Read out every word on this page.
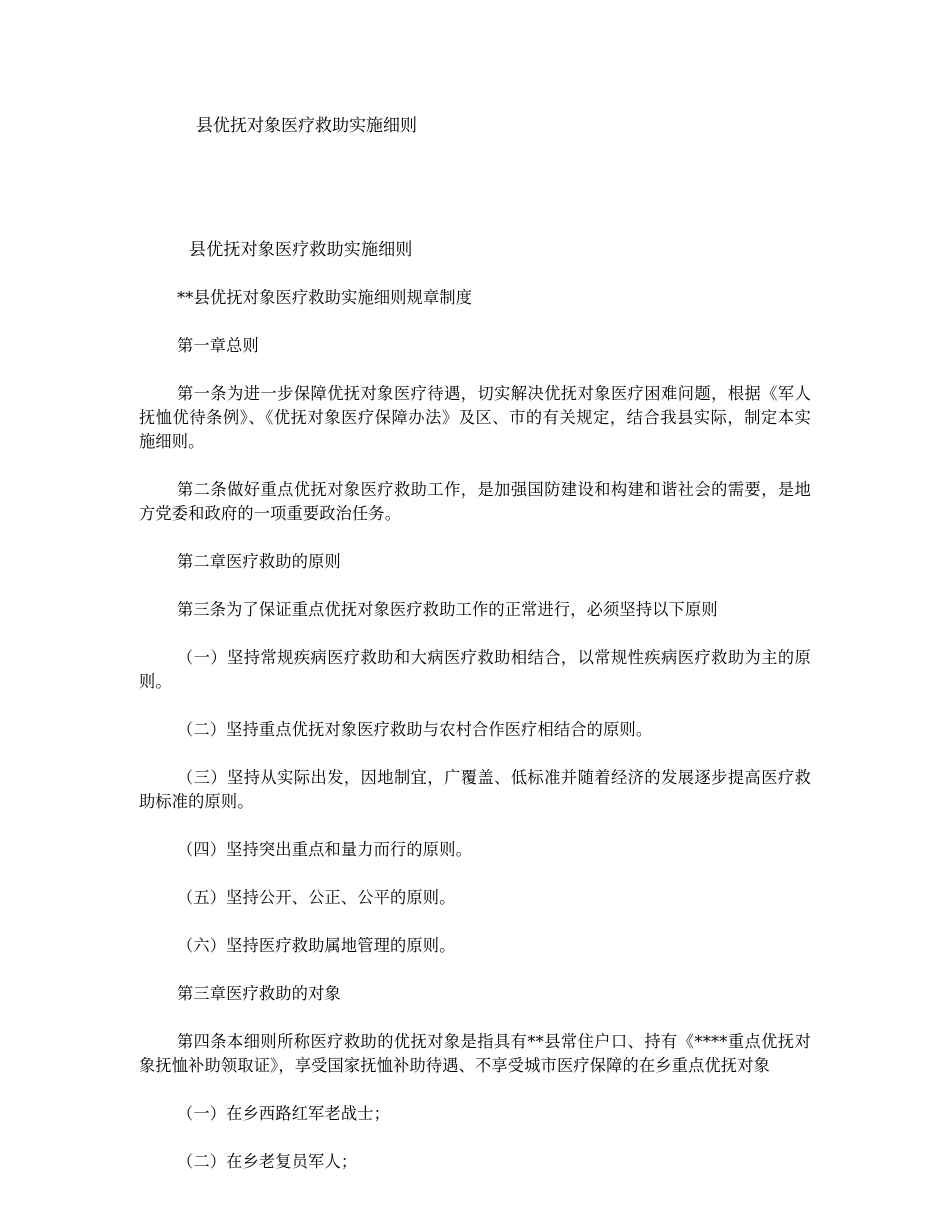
县优抚对象医疗救助实施细则

县优抚对象医疗救助实施细则

**县优抚对象医疗救助实施细则规章制度

第一章总则

第一条为进一步保障优抚对象医疗待遇，切实解决优抚对象医疗困难问题，根据《军人抚恤优待条例》、《优抚对象医疗保障办法》及区、市的有关规定，结合我县实际，制定本实施细则。

第二条做好重点优抚对象医疗救助工作，是加强国防建设和构建和谐社会的需要，是地方党委和政府的一项重要政治任务。

第二章医疗救助的原则

第三条为了保证重点优抚对象医疗救助工作的正常进行，必须坚持以下原则

（一）坚持常规疾病医疗救助和大病医疗救助相结合，以常规性疾病医疗救助为主的原则。

（二）坚持重点优抚对象医疗救助与农村合作医疗相结合的原则。

（三）坚持从实际出发，因地制宜，广覆盖、低标准并随着经济的发展逐步提高医疗救助标准的原则。

（四）坚持突出重点和量力而行的原则。

（五）坚持公开、公正、公平的原则。

（六）坚持医疗救助属地管理的原则。

第三章医疗救助的对象

第四条本细则所称医疗救助的优抚对象是指具有**县常住户口、持有《****重点优抚对象抚恤补助领取证》，享受国家抚恤补助待遇、不享受城市医疗保障的在乡重点优抚对象

（一）在乡西路红军老战士；

（二）在乡老复员军人；
